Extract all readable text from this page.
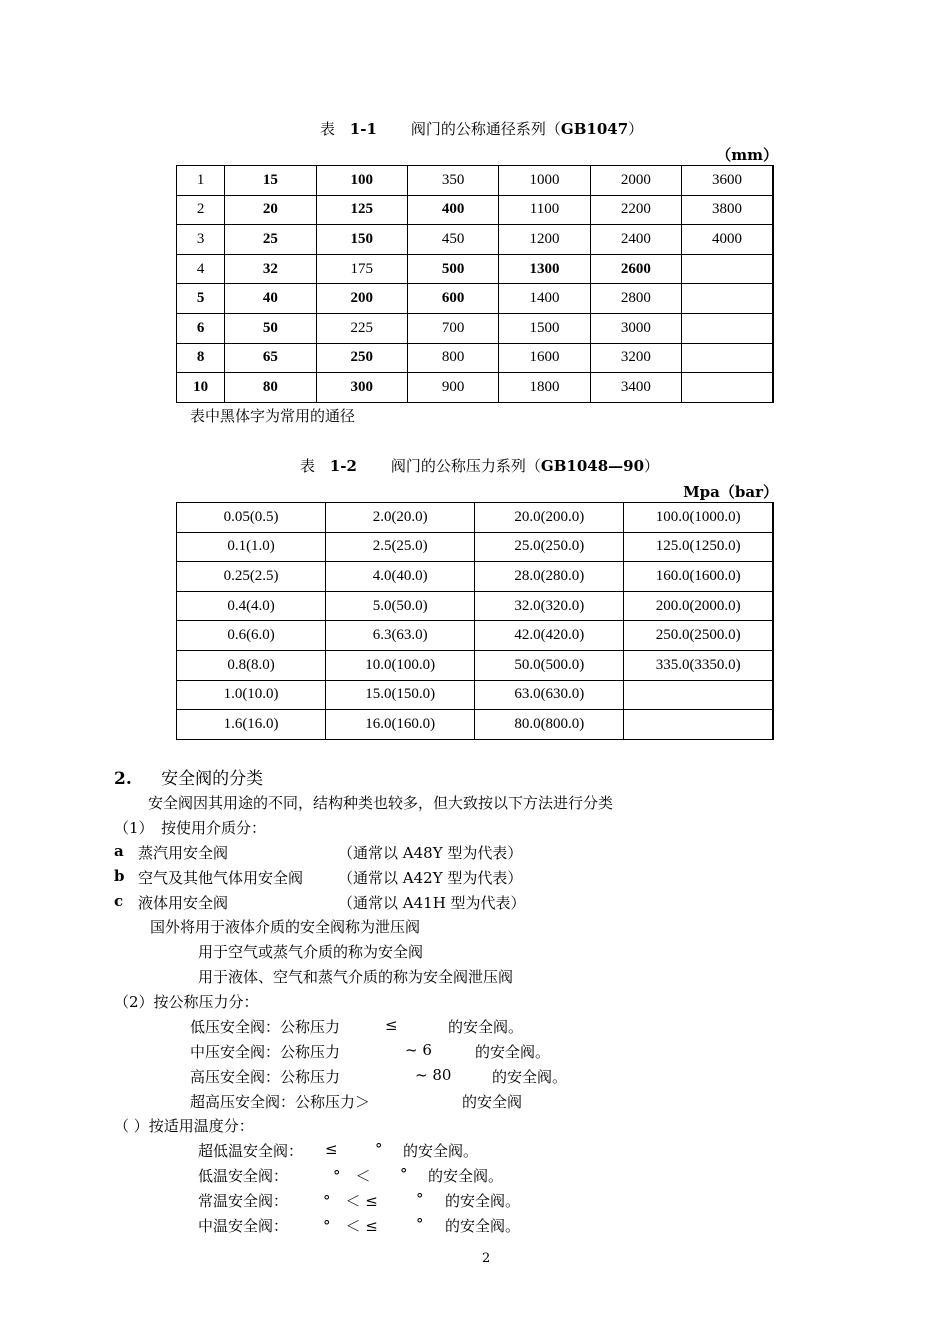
表 1-1 阀门的公称通径系列（GB1047）
（mm）
1	15	100	350	1000	2000	3600
2	20	125	400	1100	2200	3800
3	25	150	450	1200	2400	4000
4	32	175	500	1300	2600	
5	40	200	600	1400	2800	
6	50	225	700	1500	3000	
8	65	250	800	1600	3200	
10	80	300	900	1800	3400	
表中黑体字为常用的通径
表 1-2 阀门的公称压力系列（GB1048—90）
Mpa（bar）
0.05(0.5)	2.0(20.0)	20.0(200.0)	100.0(1000.0)
0.1(1.0)	2.5(25.0)	25.0(250.0)	125.0(1250.0)
0.25(2.5)	4.0(40.0)	28.0(280.0)	160.0(1600.0)
0.4(4.0)	5.0(50.0)	32.0(320.0)	200.0(2000.0)
0.6(6.0)	6.3(63.0)	42.0(420.0)	250.0(2500.0)
0.8(8.0)	10.0(100.0)	50.0(500.0)	335.0(3350.0)
1.0(10.0)	15.0(150.0)	63.0(630.0)	
1.6(16.0)	16.0(160.0)	80.0(800.0)	
2. 安全阀的分类
安全阀因其用途的不同，结构种类也较多，但大致按以下方法进行分类
（1）　按使用介质分：
a 蒸汽用安全阀	（通常以 A48Y 型为代表）
b 空气及其他气体用安全阀 （通常以 A42Y 型为代表）
c 液体用安全阀	（通常以 A41H 型为代表）
国外将用于液体介质的安全阀称为泄压阀
用于空气或蒸气介质的称为安全阀
用于液体、空气和蒸气介质的称为安全阀泄压阀
（2）按公称压力分：
低压安全阀：公称压力	≤	的安全阀。
中压安全阀：公称压力	~ 6	的安全阀。
高压安全阀：公称压力	~ 80	的安全阀。
超高压安全阀：公称压力＞	的安全阀
（ ）按适用温度分：
超低温安全阀： ≤ ° 的安全阀。
低温安全阀：	°　＜ ° 的安全阀。
常温安全阀： °　＜ ≤	° 的安全阀。
中温安全阀： °　＜ ≤	° 的安全阀。
2
